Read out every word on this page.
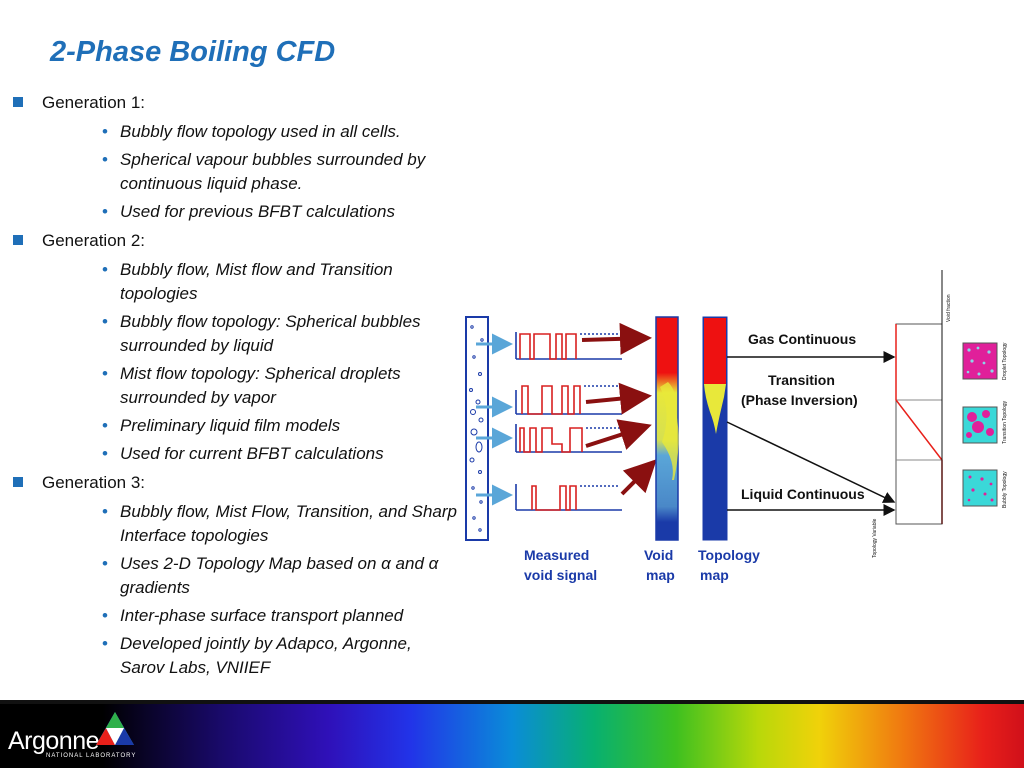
2-Phase Boiling CFD
Generation 1:
• Bubbly flow topology used in all cells.
• Spherical vapour bubbles surrounded by continuous liquid phase.
• Used for previous BFBT calculations
Generation 2:
• Bubbly flow, Mist flow and Transition topologies
• Bubbly flow topology: Spherical bubbles surrounded by liquid
• Mist flow topology: Spherical droplets surrounded by vapor
• Preliminary liquid film models
• Used for current BFBT calculations
Generation 3:
• Bubbly flow, Mist Flow, Transition, and Sharp Interface topologies
• Uses 2-D Topology Map based on α and α gradients
• Inter-phase surface transport planned
• Developed jointly by Adapco, Argonne, Sarov Labs, VNIIEF
Gas Continuous
Transition
(Phase Inversion)
Liquid Continuous
Void fraction
Topology Variable
Droplet Topology
Transition Topology
Bubbly Topology
Measured
void signal
Void
map
Topology
map
Argonne
NATIONAL LABORATORY
